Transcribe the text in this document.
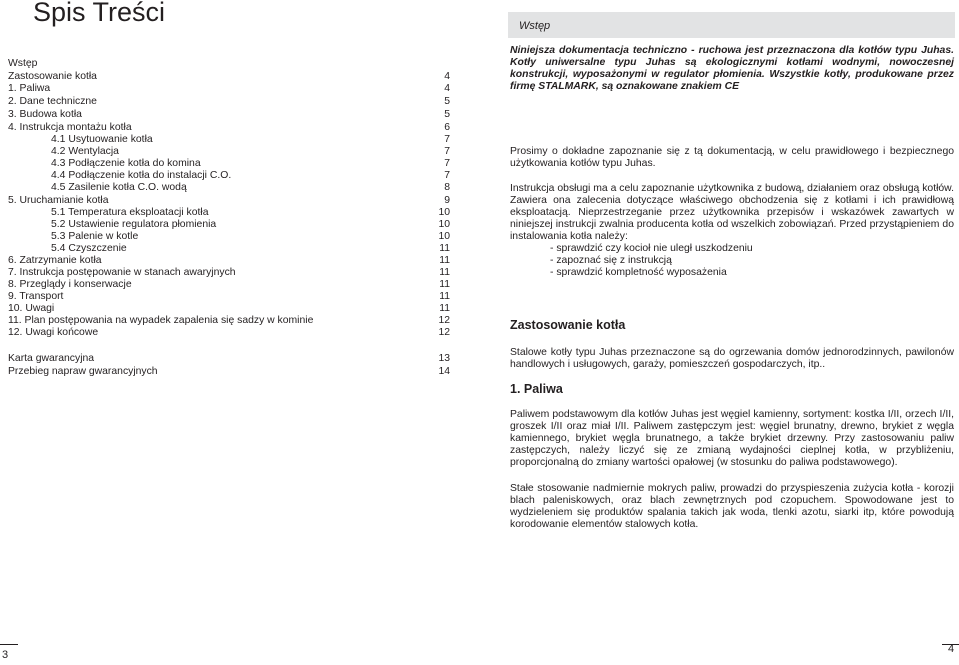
Spis Treści
Wstęp
Zastosowanie kotła	4
1. Paliwa	4
2. Dane techniczne	5
3. Budowa kotła	5
4. Instrukcja montażu kotła	6
4.1 Usytuowanie kotła	7
4.2 Wentylacja	7
4.3 Podłączenie kotła do komina	7
4.4 Podłączenie kotła do instalacji C.O.	7
4.5 Zasilenie kotła C.O. wodą	8
5. Uruchamianie kotła	9
5.1 Temperatura eksploatacji kotła	10
5.2 Ustawienie regulatora płomienia	10
5.3 Palenie w kotle	10
5.4 Czyszczenie	11
6. Zatrzymanie kotła	11
7. Instrukcja postępowanie w stanach awaryjnych	11
8. Przeglądy i konserwacje	11
9. Transport	11
10. Uwagi	11
11. Plan postępowania na wypadek zapalenia się sadzy w kominie	12
12. Uwagi końcowe	12
Karta gwarancyjna	13
Przebieg napraw gwarancyjnych	14
Wstęp
Niniejsza dokumentacja techniczno - ruchowa jest przeznaczona dla kotłów typu Juhas. Kotły uniwersalne typu Juhas są ekologicznymi kotłami wodnymi, nowoczesnej konstrukcji, wyposażonymi w regulator płomienia. Wszystkie kotły, produkowane przez firmę STALMARK, są oznakowane znakiem CE
Prosimy o dokładne zapoznanie się z tą dokumentacją, w celu prawidłowego i bezpiecznego użytkowania kotłów typu Juhas.

Instrukcja obsługi ma a celu zapoznanie użytkownika z budową, działaniem oraz obsługą kotłów. Zawiera ona zalecenia dotyczące właściwego obchodzenia się z kotłami i ich prawidłową eksploatacją. Nieprzestrzeganie przez użytkownika przepisów i wskazówek zawartych w niniejszej instrukcji zwalnia producenta kotła od wszelkich zobowiązań. Przed przystąpieniem do instalowania kotła należy:

- sprawdzić czy kocioł nie uległ uszkodzeniu

- zapoznać się z instrukcją

- sprawdzić kompletność wyposażenia

Zastosowanie kotła
Stalowe kotły typu Juhas przeznaczone są do ogrzewania domów jednorodzinnych, pawilonów handlowych i usługowych, garaży, pomieszczeń gospodarczych, itp..
1. Paliwa
Paliwem podstawowym dla kotłów Juhas jest węgiel kamienny, sortyment: kostka I/II, orzech I/II, groszek I/II oraz miał I/II. Paliwem zastępczym jest: węgiel brunatny, drewno, brykiet z węgla kamiennego, brykiet węgla brunatnego, a także brykiet drzewny. Przy zastosowaniu paliw zastępczych, należy liczyć się ze zmianą wydajności cieplnej kotła, w przybliżeniu, proporcjonalną do zmiany wartości opałowej (w stosunku do paliwa podstawowego).
Stałe stosowanie nadmiernie mokrych paliw, prowadzi do przyspieszenia zużycia kotła - korozji blach paleniskowych, oraz blach zewnętrznych pod czopuchem. Spowodowane jest to wydzieleniem się produktów spalania takich jak woda, tlenki azotu, siarki itp, które powodują korodowanie elementów stalowych kotła.
3	4
